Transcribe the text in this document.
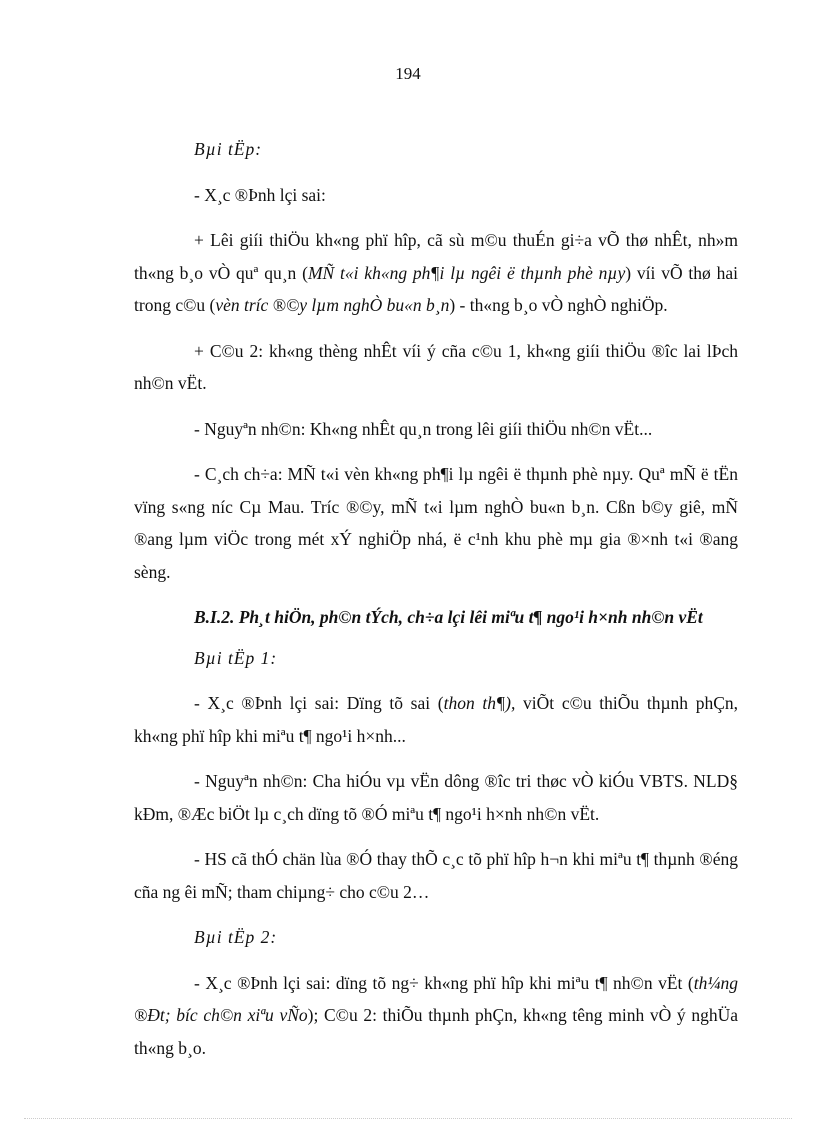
194

Bµi tËp:

- X¸c ®Þnh lçi sai:

+ Lêi giíi thiÖu kh«ng phï hîp, cã sù m©u thuÉn gi÷a vÕ thø nhÊt, nh»m th«ng b¸o vÒ quª qu¸n (MÑ t«i kh«ng ph¶i lµ ngêi ë thµnh phè nµy) víi vÕ thø hai trong c©u (vèn tríc ®©y lµm nghÒ bu«n b¸n) - th«ng b¸o vÒ nghÒ nghiÖp.

+ C©u 2: kh«ng thèng nhÊt víi ý cña c©u 1, kh«ng giíi thiÖu ®îc lai lÞch nh©n vËt.

- Nguyªn nh©n: Kh«ng nhÊt qu¸n trong lêi giíi thiÖu nh©n vËt...

- C¸ch ch÷a: MÑ t«i vèn kh«ng ph¶i lµ ngêi ë thµnh phè nµy. Quª mÑ ë tËn vïng s«ng níc Cµ Mau. Tríc ®©y, mÑ t«i lµm nghÒ bu«n b¸n. Cßn b©y giê, mÑ ®ang lµm viÖc trong mét xÝ nghiÖp nhá, ë c¹nh khu phè mµ gia ®×nh t«i ®ang sèng.

B.I.2. Ph¸t hiÖn, ph©n tÝch, ch÷a lçi lêi miªu t¶ ngo¹i h×nh nh©n vËt

Bµi tËp 1:

- X¸c ®Þnh lçi sai: Dïng tõ sai (thon th¶), viÕt c©u thiÕu thµnh phÇn, kh«ng phï hîp khi miªu t¶ ngo¹i h×nh...

- Nguyªn nh©n: Cha hiÓu vµ vËn dông ®îc tri thøc vÒ kiÓu VBTS. NLD§ kÐm, ®Æc biÖt lµ c¸ch dïng tõ ®Ó miªu t¶ ngo¹i h×nh nh©n vËt.

- HS cã thÓ chän lùa ®Ó thay thÕ c¸c tõ phï hîp h¬n khi miªu t¶ thµnh ®éng cña ng êi mÑ; tham chiµng÷ cho c©u 2…

Bµi tËp 2:

- X¸c ®Þnh lçi sai: dïng tõ ng÷ kh«ng phï hîp khi miªu t¶ nh©n vËt (th¼ng ®Ðt; bíc ch©n xiªu vÑo); C©u 2: thiÕu thµnh phÇn, kh«ng têng minh vÒ ý nghÜa th«ng b¸o.
